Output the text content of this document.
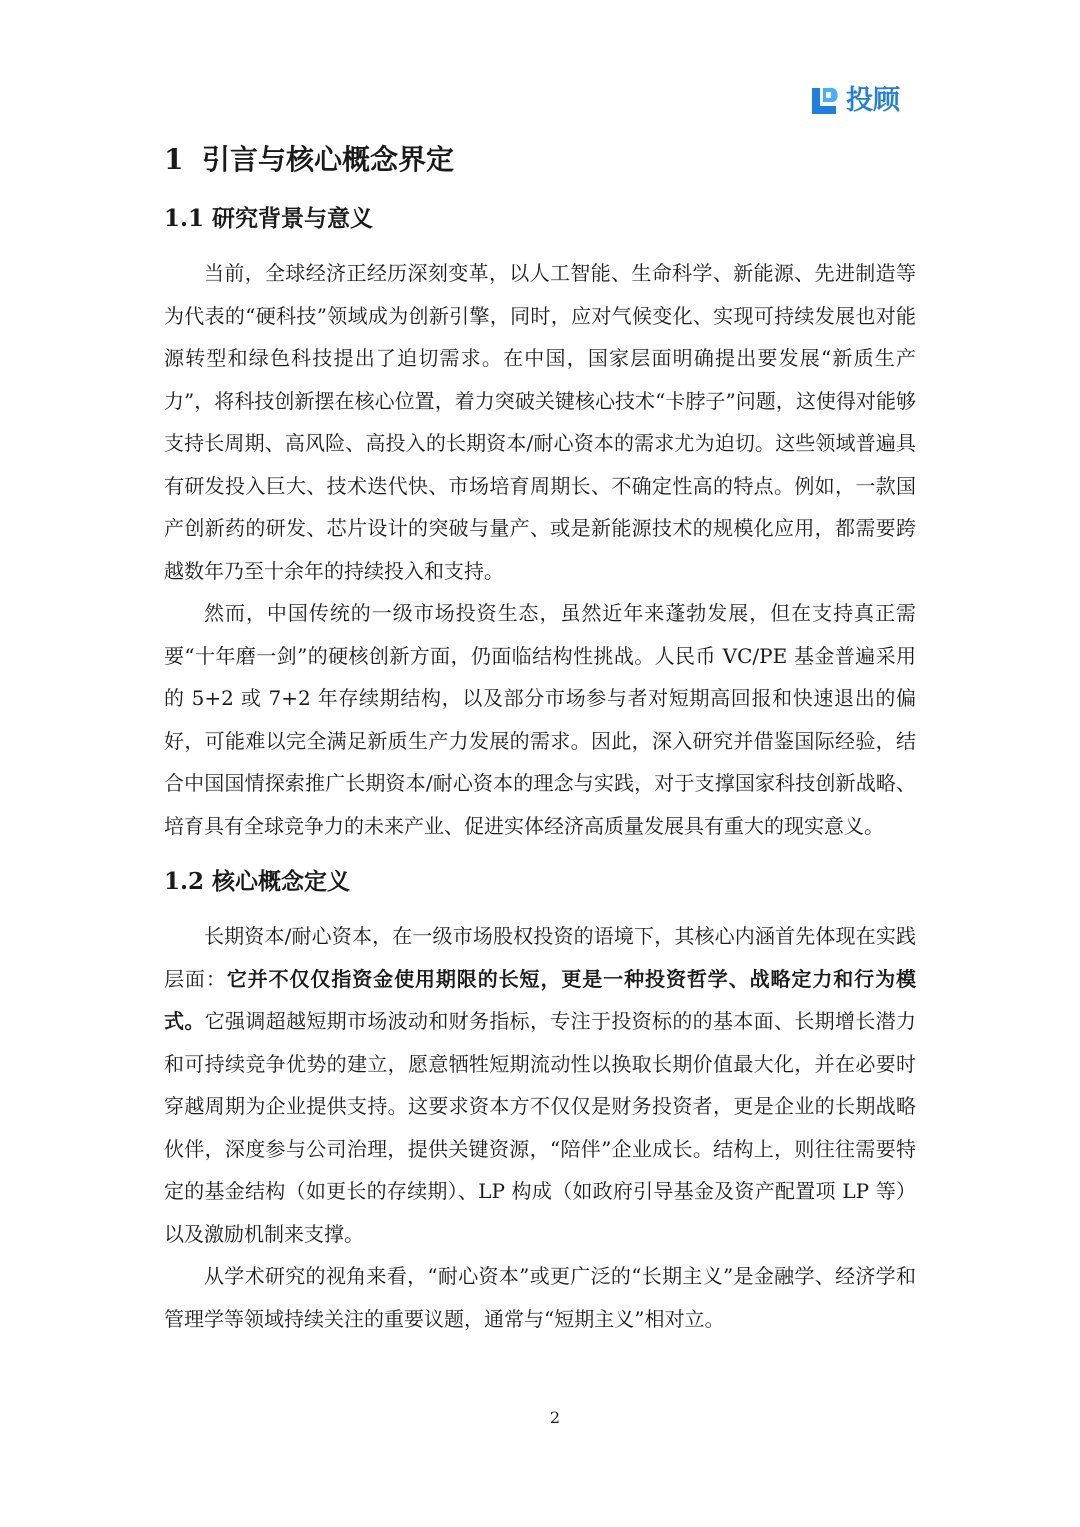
投顾
1 引言与核心概念界定
1.1 研究背景与意义

当前，全球经济正经历深刻变革，以人工智能、生命科学、新能源、先进制造等为代表的“硬科技”领域成为创新引擎，同时，应对气候变化、实现可持续发展也对能源转型和绿色科技提出了迫切需求。在中国，国家层面明确提出要发展“新质生产力”，将科技创新摆在核心位置，着力突破关键核心技术“卡脖子”问题，这使得对能够支持长周期、高风险、高投入的长期资本/耐心资本的需求尤为迫切。这些领域普遍具有研发投入巨大、技术迭代快、市场培育周期长、不确定性高的特点。例如，一款国产创新药的研发、芯片设计的突破与量产、或是新能源技术的规模化应用，都需要跨越数年乃至十余年的持续投入和支持。

然而，中国传统的一级市场投资生态，虽然近年来蓬勃发展，但在支持真正需要“十年磨一剑”的硬核创新方面，仍面临结构性挑战。人民币 VC/PE 基金普遍采用的 5+2 或 7+2 年存续期结构，以及部分市场参与者对短期高回报和快速退出的偏好，可能难以完全满足新质生产力发展的需求。因此，深入研究并借鉴国际经验，结合中国国情探索推广长期资本/耐心资本的理念与实践，对于支撑国家科技创新战略、培育具有全球竞争力的未来产业、促进实体经济高质量发展具有重大的现实意义。

1.2 核心概念定义

长期资本/耐心资本，在一级市场股权投资的语境下，其核心内涵首先体现在实践层面：它并不仅仅指资金使用期限的长短，更是一种投资哲学、战略定力和行为模式。它强调超越短期市场波动和财务指标，专注于投资标的的基本面、长期增长潜力和可持续竞争优势的建立，愿意牺牲短期流动性以换取长期价值最大化，并在必要时穿越周期为企业提供支持。这要求资本方不仅仅是财务投资者，更是企业的长期战略伙伴，深度参与公司治理，提供关键资源，“陪伴”企业成长。结构上，则往往需要特定的基金结构（如更长的存续期）、LP 构成（如政府引导基金及资产配置项 LP 等）以及激励机制来支撑。

从学术研究的视角来看，“耐心资本”或更广泛的“长期主义”是金融学、经济学和管理学等领域持续关注的重要议题，通常与“短期主义”相对立。

2
